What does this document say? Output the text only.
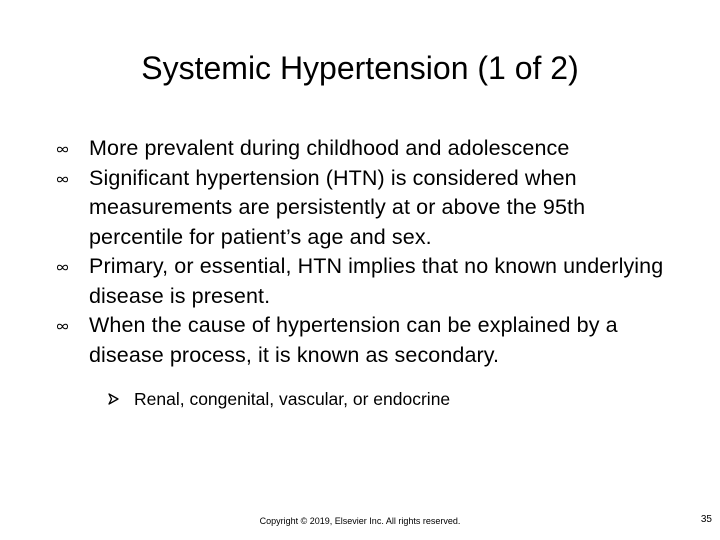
Systemic Hypertension (1 of 2)
More prevalent during childhood and adolescence
Significant hypertension (HTN) is considered when measurements are persistently at or above the 95th percentile for patient’s age and sex.
Primary, or essential, HTN implies that no known underlying disease is present.
When the cause of hypertension can be explained by a disease process, it is known as secondary.
Renal, congenital, vascular, or endocrine
Copyright © 2019, Elsevier Inc. All rights reserved.	35
